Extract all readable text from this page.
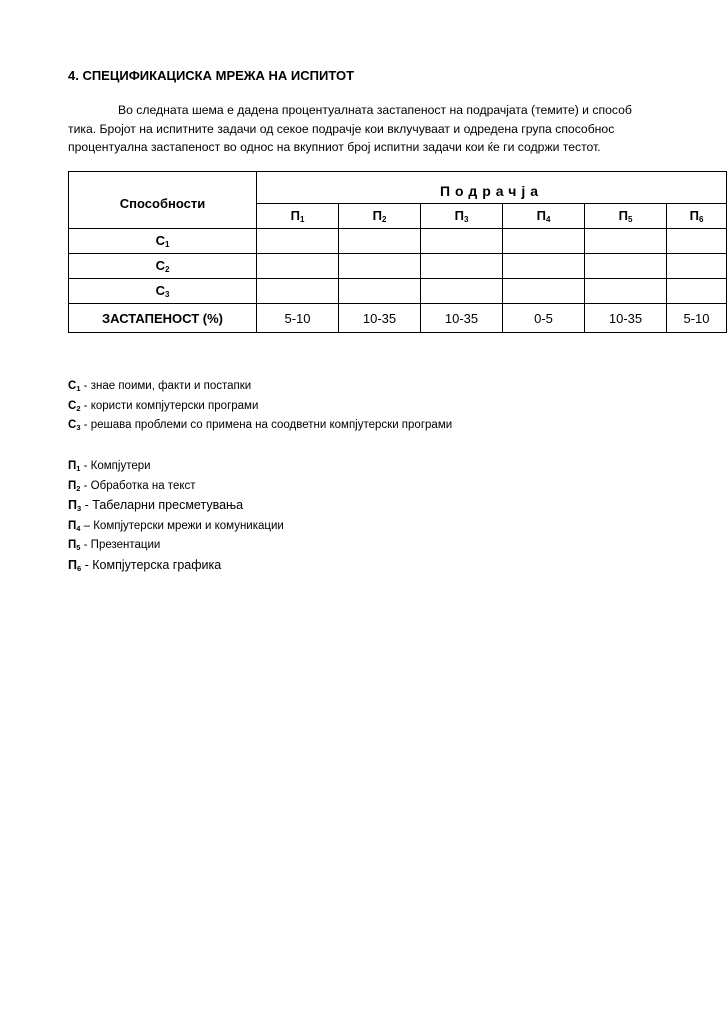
4. СПЕЦИФИКАЦИСКА МРЕЖА НА ИСПИТОТ
Во следната шема е дадена процентуалната застапеност на подрачјата (темите) и способ
тика. Бројот на испитните задачи од секое подрачје кои вклучуваат и одредена група способнос
процентуална застапеност во однос на вкупниот број испитни задачи кои ќе ги содржи тестот.

Способности	Подрачја					
	$П_1$	$П_2$	$П_3$	$П_4$	$П_5$	$П_6$
$С_1$						
$С_2$						
$С_3$						
ЗАСТАПЕНОСТ (%)	5-10	10-35	10-35	0-5	10-35	5-10
$С_1$ - знае поими, факти и постапки
$С_2$ - користи компјутерски програми
$С_3$ - решава проблеми со примена на соодветни компјутерски програми
$П_1$ - Компјутери
$П_2$ - Обработка на текст
$П_3$ - Табеларни пресметувања
$П_4$ – Компјутерски мрежи и комуникации
$П_5$ - Презентации
$П_6$ - Компјутерска графика
